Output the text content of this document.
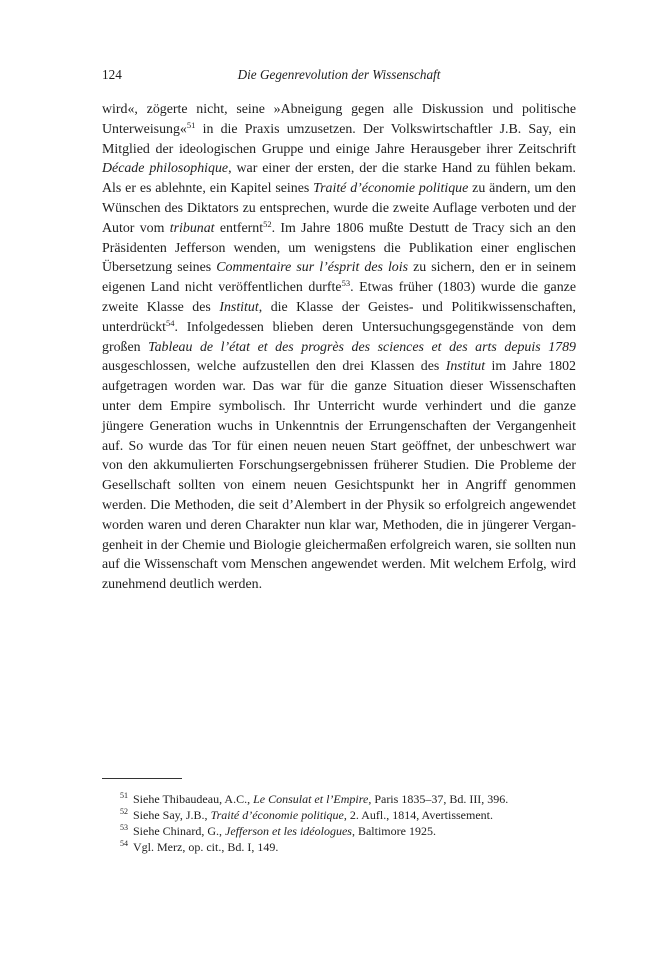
124	Die Gegenrevolution der Wissenschaft

wird«, zögerte nicht, seine »Abneigung gegen alle Diskussion und politische Unterweisung«$^{51}$ in die Praxis umzusetzen. Der Volkswirtschaftler J.B. Say, ein Mitglied der ideologischen Gruppe und einige Jahre Herausgeber ihrer Zeitschrift Décade philosophique, war einer der ersten, der die starke Hand zu fühlen bekam. Als er es ablehnte, ein Kapitel seines Traité d’économie politique zu ändern, um den Wünschen des Diktators zu entsprechen, wurde die zweite Auflage verboten und der Autor vom tribunat entfernt$^{52}$. Im Jahre 1806 mußte Destutt de Tracy sich an den Präsidenten Jefferson wenden, um wenigstens die Publikation einer englischen Übersetzung seines Commentaire sur l’ésprit des lois zu sichern, den er in seinem eigenen Land nicht veröffentlichen durfte$^{53}$. Etwas früher (1803) wurde die ganze zweite Klasse des Institut, die Klasse der Geistes- und Politikwissenschaften, unterdrückt$^{54}$. Infolgedessen blieben deren Untersuchungsgegenstände von dem großen Tableau de l’état et des progrès des sciences et des arts depuis 1789 ausgeschlossen, welche aufzustellen den drei Klassen des Institut im Jahre 1802 aufgetragen worden war. Das war für die ganze Situation dieser Wissenschaften unter dem Empire symbolisch. Ihr Unterricht wurde verhindert und die ganze jüngere Generation wuchs in Unkenntnis der Errungenschaften der Vergangenheit auf. So wurde das Tor für einen neuen neuen Start geöffnet, der unbeschwert war von den akkumulierten Forschungsergebnissen früherer Studien. Die Probleme der Gesellschaft sollten von einem neuen Gesichtspunkt her in Angriff genommen werden. Die Methoden, die seit d’Alembert in der Physik so erfolgreich angewendet worden waren und deren Charakter nun klar war, Methoden, die in jüngerer Vergangenheit in der Chemie und Biologie gleichermaßen erfolgreich waren, sie sollten nun auf die Wissenschaft vom Menschen angewendet werden. Mit welchem Erfolg, wird zunehmend deutlich werden.

51 Siehe Thibaudeau, A.C., Le Consulat et l’Empire, Paris 1835–37, Bd. III, 396.
52 Siehe Say, J.B., Traité d’économie politique, 2. Aufl., 1814, Avertissement.
53 Siehe Chinard, G., Jefferson et les idéologues, Baltimore 1925.
54 Vgl. Merz, op. cit., Bd. I, 149.
